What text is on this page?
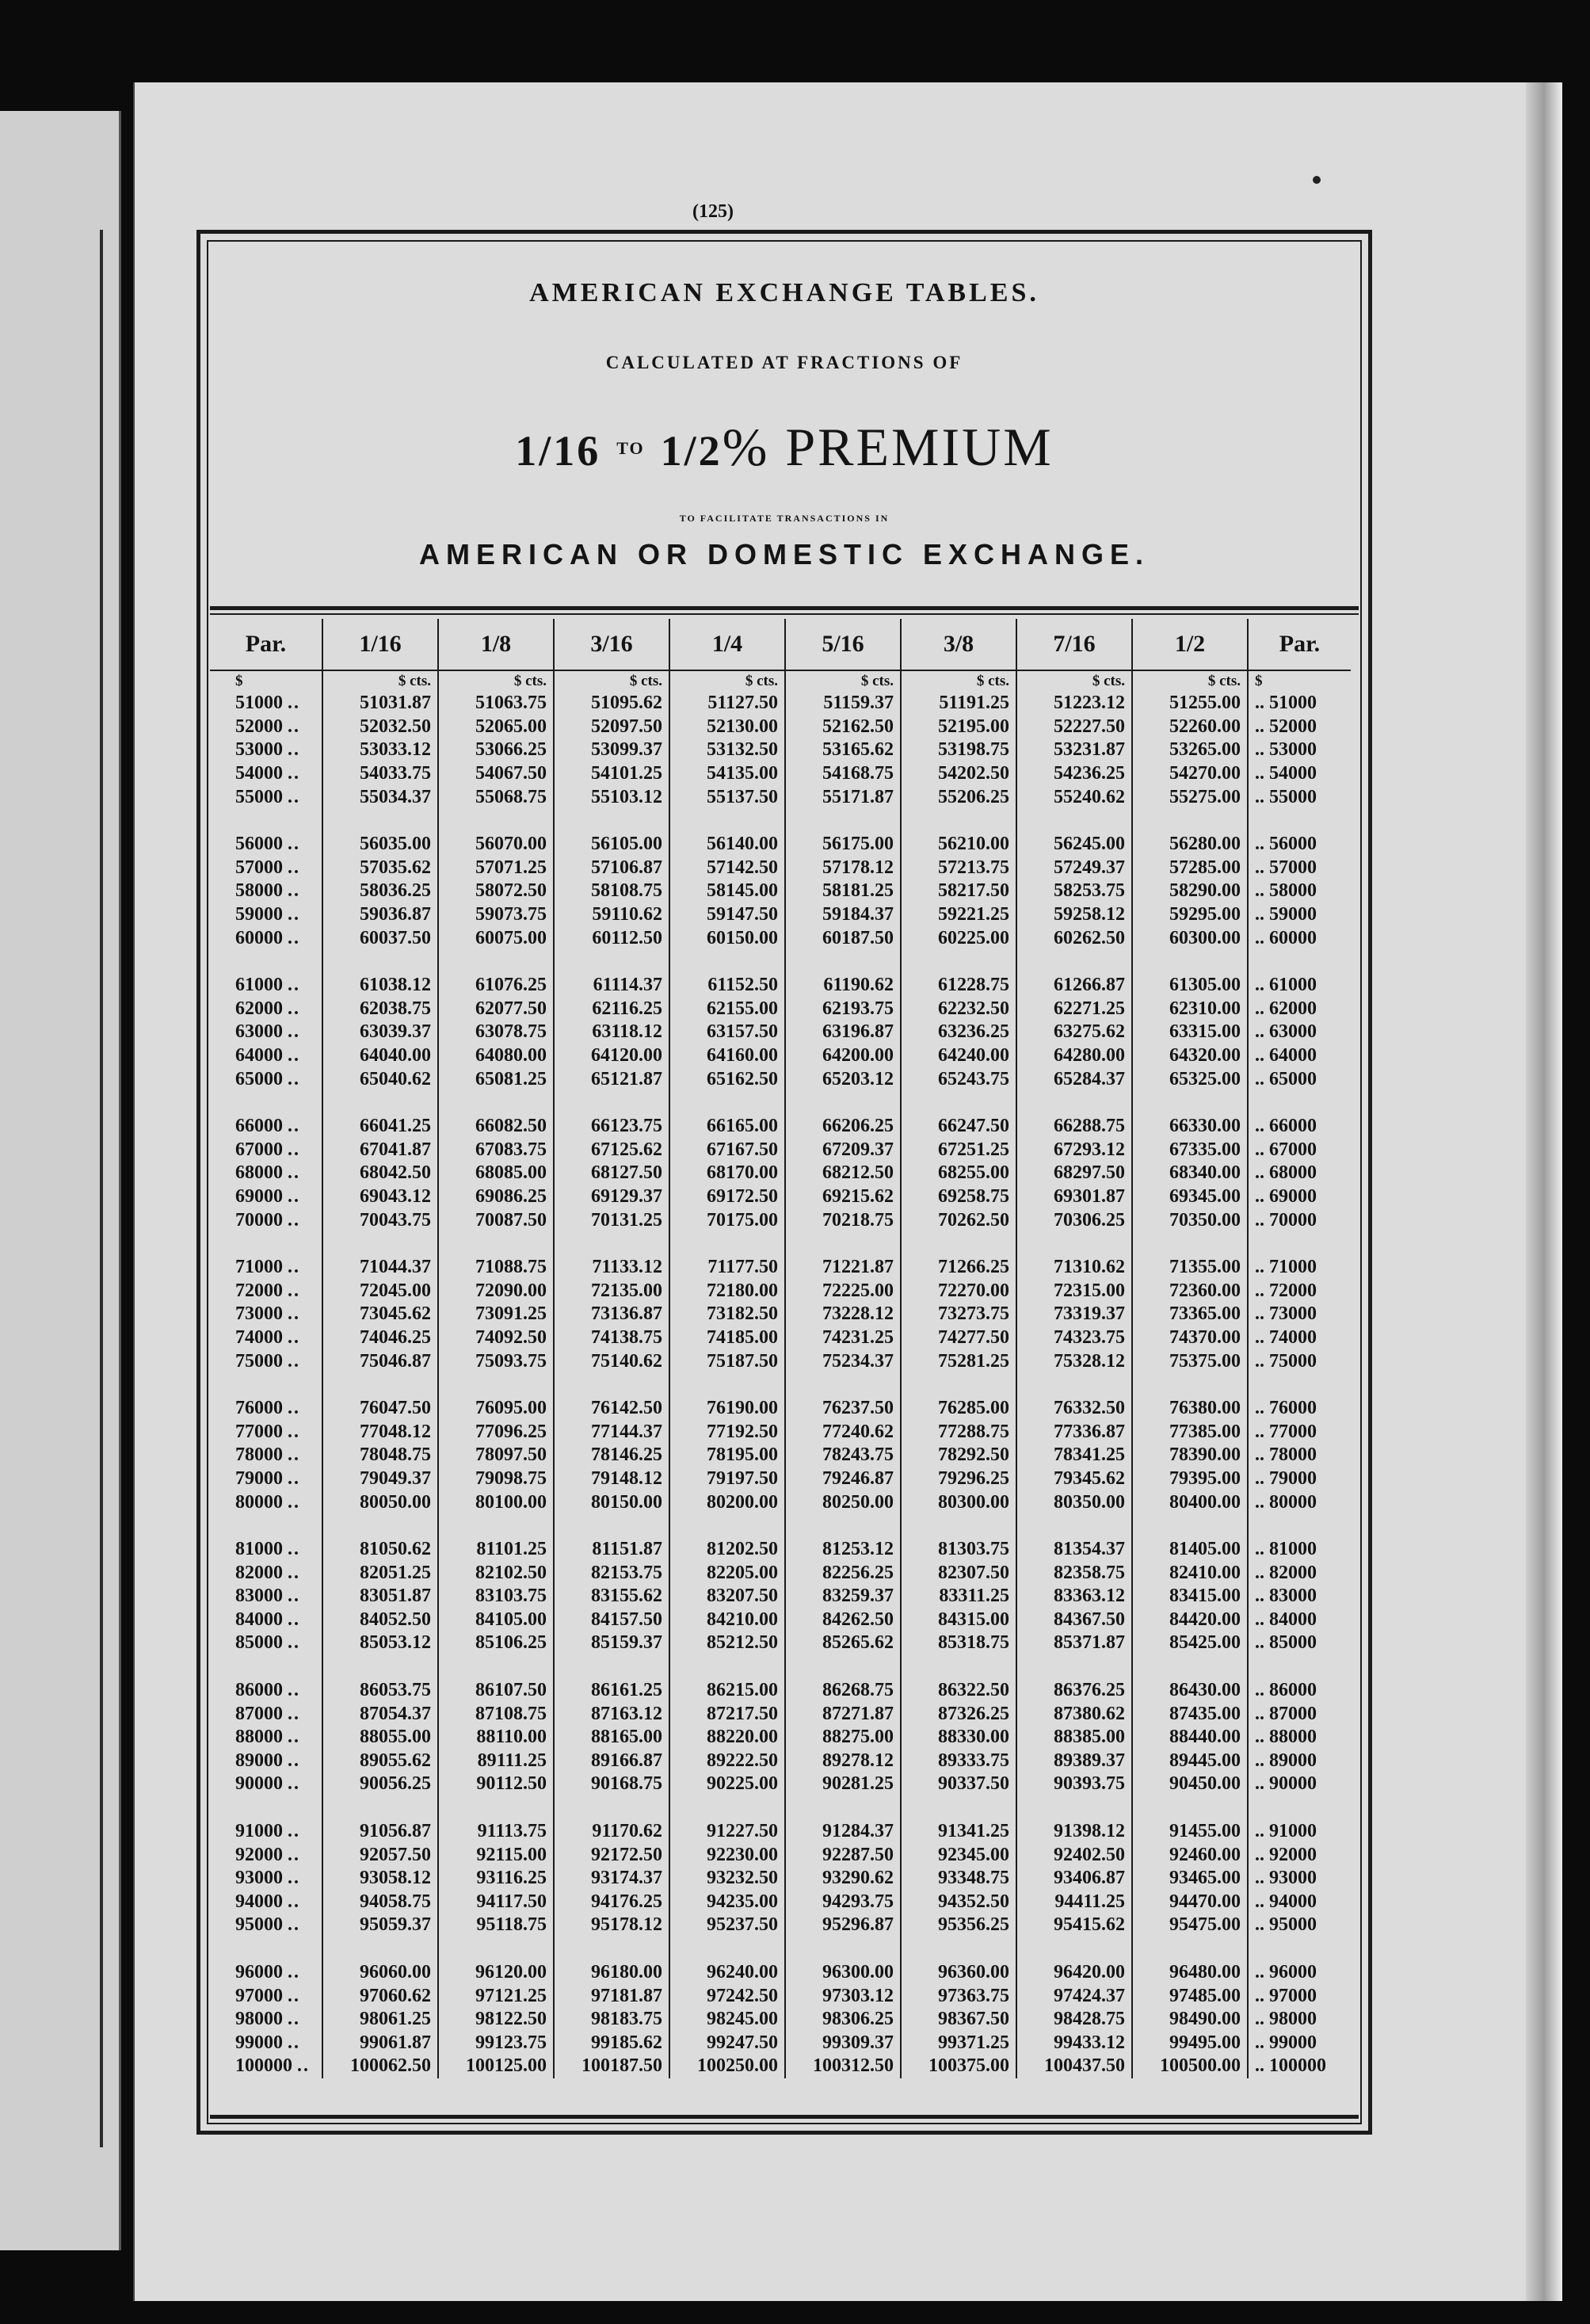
(125)
AMERICAN EXCHANGE TABLES.
CALCULATED AT FRACTIONS OF
1/16 $^{TO}$ 1/2% PREMIUM
TO FACILITATE TRANSACTIONS IN
AMERICAN OR DOMESTIC EXCHANGE.
Par.	1/16	1/8	3/16	1/4	5/16	3/8	7/16	1/2	Par.
$	$ cts.	$ cts.	$ cts.	$ cts.	$ cts.	$ cts.	$ cts.	$ cts.	$
51000 ..	51031.87	51063.75	51095.62	51127.50	51159.37	51191.25	51223.12	51255.00	.. 51000
52000 ..	52032.50	52065.00	52097.50	52130.00	52162.50	52195.00	52227.50	52260.00	.. 52000
53000 ..	53033.12	53066.25	53099.37	53132.50	53165.62	53198.75	53231.87	53265.00	.. 53000
54000 ..	54033.75	54067.50	54101.25	54135.00	54168.75	54202.50	54236.25	54270.00	.. 54000
55000 ..	55034.37	55068.75	55103.12	55137.50	55171.87	55206.25	55240.62	55275.00	.. 55000

56000 ..	56035.00	56070.00	56105.00	56140.00	56175.00	56210.00	56245.00	56280.00	.. 56000
57000 ..	57035.62	57071.25	57106.87	57142.50	57178.12	57213.75	57249.37	57285.00	.. 57000
58000 ..	58036.25	58072.50	58108.75	58145.00	58181.25	58217.50	58253.75	58290.00	.. 58000
59000 ..	59036.87	59073.75	59110.62	59147.50	59184.37	59221.25	59258.12	59295.00	.. 59000
60000 ..	60037.50	60075.00	60112.50	60150.00	60187.50	60225.00	60262.50	60300.00	.. 60000

61000 ..	61038.12	61076.25	61114.37	61152.50	61190.62	61228.75	61266.87	61305.00	.. 61000
62000 ..	62038.75	62077.50	62116.25	62155.00	62193.75	62232.50	62271.25	62310.00	.. 62000
63000 ..	63039.37	63078.75	63118.12	63157.50	63196.87	63236.25	63275.62	63315.00	.. 63000
64000 ..	64040.00	64080.00	64120.00	64160.00	64200.00	64240.00	64280.00	64320.00	.. 64000
65000 ..	65040.62	65081.25	65121.87	65162.50	65203.12	65243.75	65284.37	65325.00	.. 65000

66000 ..	66041.25	66082.50	66123.75	66165.00	66206.25	66247.50	66288.75	66330.00	.. 66000
67000 ..	67041.87	67083.75	67125.62	67167.50	67209.37	67251.25	67293.12	67335.00	.. 67000
68000 ..	68042.50	68085.00	68127.50	68170.00	68212.50	68255.00	68297.50	68340.00	.. 68000
69000 ..	69043.12	69086.25	69129.37	69172.50	69215.62	69258.75	69301.87	69345.00	.. 69000
70000 ..	70043.75	70087.50	70131.25	70175.00	70218.75	70262.50	70306.25	70350.00	.. 70000

71000 ..	71044.37	71088.75	71133.12	71177.50	71221.87	71266.25	71310.62	71355.00	.. 71000
72000 ..	72045.00	72090.00	72135.00	72180.00	72225.00	72270.00	72315.00	72360.00	.. 72000
73000 ..	73045.62	73091.25	73136.87	73182.50	73228.12	73273.75	73319.37	73365.00	.. 73000
74000 ..	74046.25	74092.50	74138.75	74185.00	74231.25	74277.50	74323.75	74370.00	.. 74000
75000 ..	75046.87	75093.75	75140.62	75187.50	75234.37	75281.25	75328.12	75375.00	.. 75000

76000 ..	76047.50	76095.00	76142.50	76190.00	76237.50	76285.00	76332.50	76380.00	.. 76000
77000 ..	77048.12	77096.25	77144.37	77192.50	77240.62	77288.75	77336.87	77385.00	.. 77000
78000 ..	78048.75	78097.50	78146.25	78195.00	78243.75	78292.50	78341.25	78390.00	.. 78000
79000 ..	79049.37	79098.75	79148.12	79197.50	79246.87	79296.25	79345.62	79395.00	.. 79000
80000 ..	80050.00	80100.00	80150.00	80200.00	80250.00	80300.00	80350.00	80400.00	.. 80000

81000 ..	81050.62	81101.25	81151.87	81202.50	81253.12	81303.75	81354.37	81405.00	.. 81000
82000 ..	82051.25	82102.50	82153.75	82205.00	82256.25	82307.50	82358.75	82410.00	.. 82000
83000 ..	83051.87	83103.75	83155.62	83207.50	83259.37	83311.25	83363.12	83415.00	.. 83000
84000 ..	84052.50	84105.00	84157.50	84210.00	84262.50	84315.00	84367.50	84420.00	.. 84000
85000 ..	85053.12	85106.25	85159.37	85212.50	85265.62	85318.75	85371.87	85425.00	.. 85000

86000 ..	86053.75	86107.50	86161.25	86215.00	86268.75	86322.50	86376.25	86430.00	.. 86000
87000 ..	87054.37	87108.75	87163.12	87217.50	87271.87	87326.25	87380.62	87435.00	.. 87000
88000 ..	88055.00	88110.00	88165.00	88220.00	88275.00	88330.00	88385.00	88440.00	.. 88000
89000 ..	89055.62	89111.25	89166.87	89222.50	89278.12	89333.75	89389.37	89445.00	.. 89000
90000 ..	90056.25	90112.50	90168.75	90225.00	90281.25	90337.50	90393.75	90450.00	.. 90000

91000 ..	91056.87	91113.75	91170.62	91227.50	91284.37	91341.25	91398.12	91455.00	.. 91000
92000 ..	92057.50	92115.00	92172.50	92230.00	92287.50	92345.00	92402.50	92460.00	.. 92000
93000 ..	93058.12	93116.25	93174.37	93232.50	93290.62	93348.75	93406.87	93465.00	.. 93000
94000 ..	94058.75	94117.50	94176.25	94235.00	94293.75	94352.50	94411.25	94470.00	.. 94000
95000 ..	95059.37	95118.75	95178.12	95237.50	95296.87	95356.25	95415.62	95475.00	.. 95000

96000 ..	96060.00	96120.00	96180.00	96240.00	96300.00	96360.00	96420.00	96480.00	.. 96000
97000 ..	97060.62	97121.25	97181.87	97242.50	97303.12	97363.75	97424.37	97485.00	.. 97000
98000 ..	98061.25	98122.50	98183.75	98245.00	98306.25	98367.50	98428.75	98490.00	.. 98000
99000 ..	99061.87	99123.75	99185.62	99247.50	99309.37	99371.25	99433.12	99495.00	.. 99000
100000 ..	100062.50	100125.00	100187.50	100250.00	100312.50	100375.00	100437.50	100500.00	.. 100000
